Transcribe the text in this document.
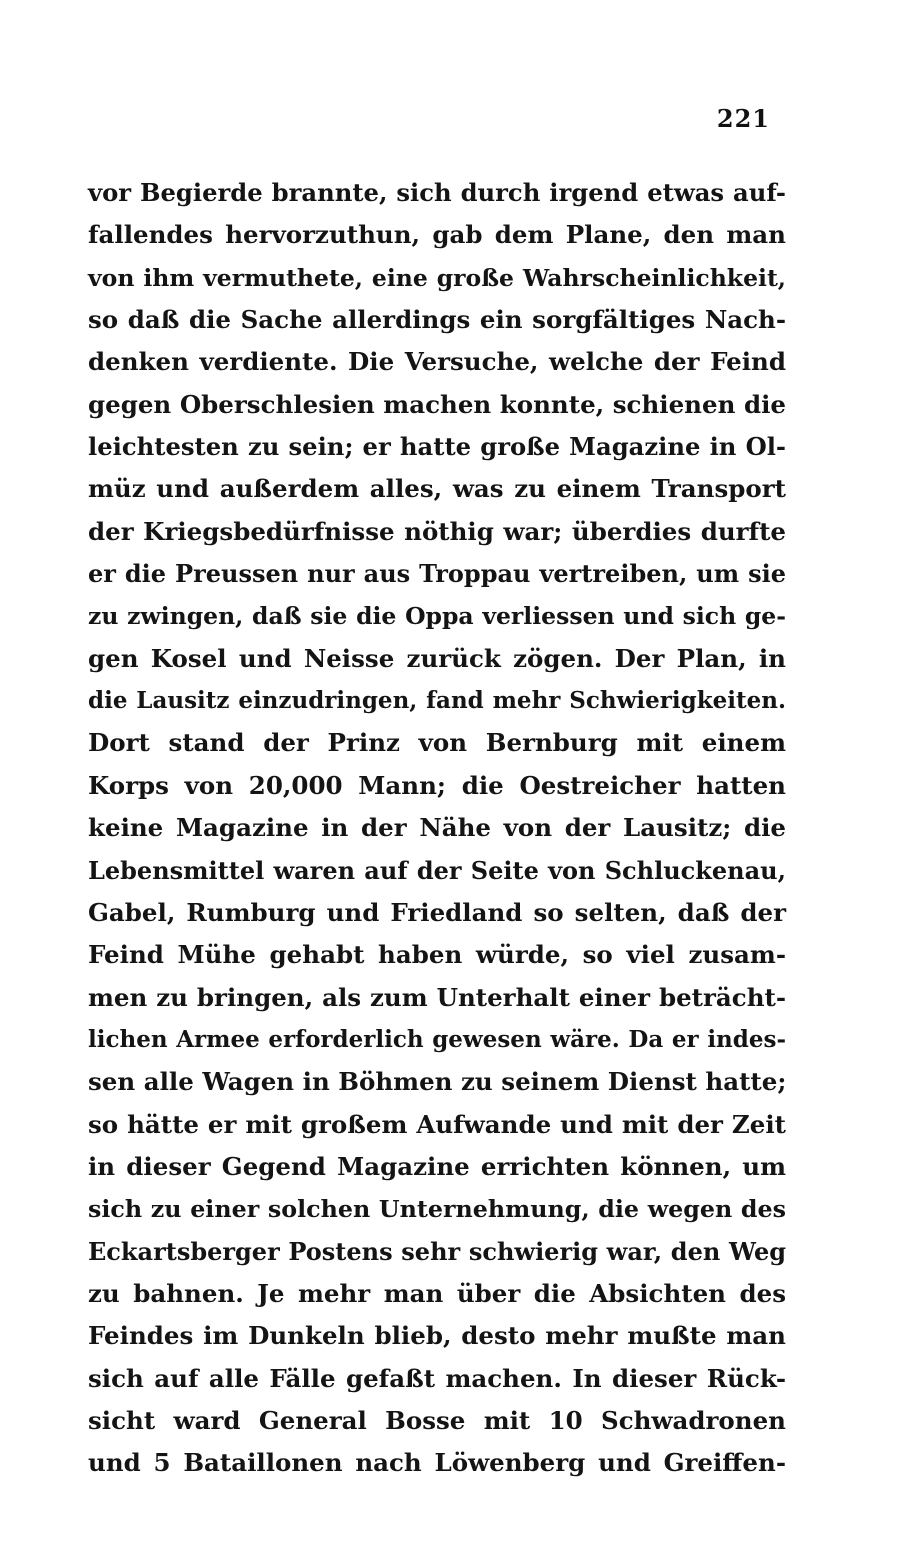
221
vor Begierde brannte, sich durch irgend etwas auf-
fallendes hervorzuthun, gab dem Plane, den man
von ihm vermuthete, eine große Wahrscheinlichkeit,
so daß die Sache allerdings ein sorgfältiges Nach-
denken verdiente. Die Versuche, welche der Feind
gegen Oberschlesien machen konnte, schienen die
leichtesten zu sein; er hatte große Magazine in Ol-
müz und außerdem alles, was zu einem Transport
der Kriegsbedürfnisse nöthig war; überdies durfte
er die Preussen nur aus Troppau vertreiben, um sie
zu zwingen, daß sie die Oppa verliessen und sich ge-
gen Kosel und Neisse zurück zögen. Der Plan, in
die Lausitz einzudringen, fand mehr Schwierigkeiten.
Dort stand der Prinz von Bernburg mit einem
Korps von 20,000 Mann; die Oestreicher hatten
keine Magazine in der Nähe von der Lausitz; die
Lebensmittel waren auf der Seite von Schluckenau,
Gabel, Rumburg und Friedland so selten, daß der
Feind Mühe gehabt haben würde, so viel zusam-
men zu bringen, als zum Unterhalt einer beträcht-
lichen Armee erforderlich gewesen wäre. Da er indes-
sen alle Wagen in Böhmen zu seinem Dienst hatte;
so hätte er mit großem Aufwande und mit der Zeit
in dieser Gegend Magazine errichten können, um
sich zu einer solchen Unternehmung, die wegen des
Eckartsberger Postens sehr schwierig war, den Weg
zu bahnen. Je mehr man über die Absichten des
Feindes im Dunkeln blieb, desto mehr mußte man
sich auf alle Fälle gefaßt machen. In dieser Rück-
sicht ward General Bosse mit 10 Schwadronen
und 5 Bataillonen nach Löwenberg und Greiffen-
